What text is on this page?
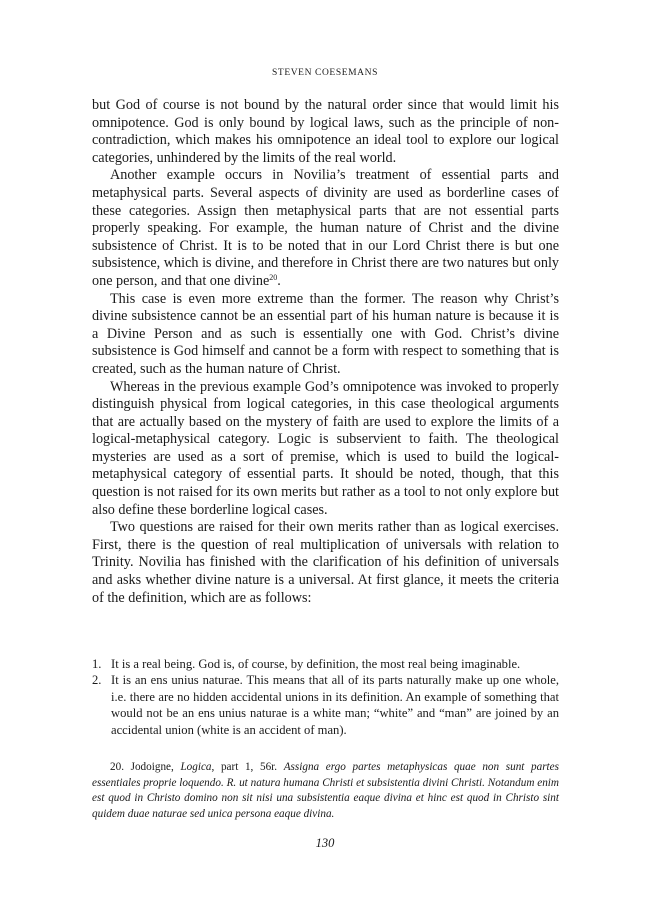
STEVEN COESEMANS

but God of course is not bound by the natural order since that would limit his omnipotence. God is only bound by logical laws, such as the principle of non-contradiction, which makes his omnipotence an ideal tool to explore our logical categories, unhindered by the limits of the real world.

Another example occurs in Novilia’s treatment of essential parts and metaphysical parts. Several aspects of divinity are used as borderline cases of these categories. Assign then metaphysical parts that are not essential parts properly speaking. For example, the human nature of Christ and the divine subsistence of Christ. It is to be noted that in our Lord Christ there is but one subsistence, which is divine, and therefore in Christ there are two natures but only one person, and that one divine$^{20}$.

This case is even more extreme than the former. The reason why Christ’s divine subsistence cannot be an essential part of his human nature is because it is a Divine Person and as such is essentially one with God. Christ’s divine subsistence is God himself and cannot be a form with respect to something that is created, such as the human nature of Christ.

Whereas in the previous example God’s omnipotence was invoked to properly distinguish physical from logical categories, in this case theological arguments that are actually based on the mystery of faith are used to explore the limits of a logical-metaphysical category. Logic is subservient to faith. The theological mysteries are used as a sort of premise, which is used to build the logical-metaphysical category of essential parts. It should be noted, though, that this question is not raised for its own merits but rather as a tool to not only explore but also define these borderline logical cases.

Two questions are raised for their own merits rather than as logical exercises. First, there is the question of real multiplication of universals with relation to Trinity. Novilia has finished with the clarification of his definition of universals and asks whether divine nature is a universal. At first glance, it meets the criteria of the definition, which are as follows:

1. It is a real being. God is, of course, by definition, the most real being imaginable.
2. It is an ens unius naturae. This means that all of its parts naturally make up one whole, i.e. there are no hidden accidental unions in its definition. An example of something that would not be an ens unius naturae is a white man; “white” and “man” are joined by an accidental union (white is an accident of man).

20. Jodoigne, Logica, part 1, 56r. Assigna ergo partes metaphysicas quae non sunt partes essentiales proprie loquendo. R. ut natura humana Christi et subsistentia divini Christi. Notandum enim est quod in Christo domino non sit nisi una subsistentia eaque divina et hinc est quod in Christo sint quidem duae naturae sed unica persona eaque divina.

130
